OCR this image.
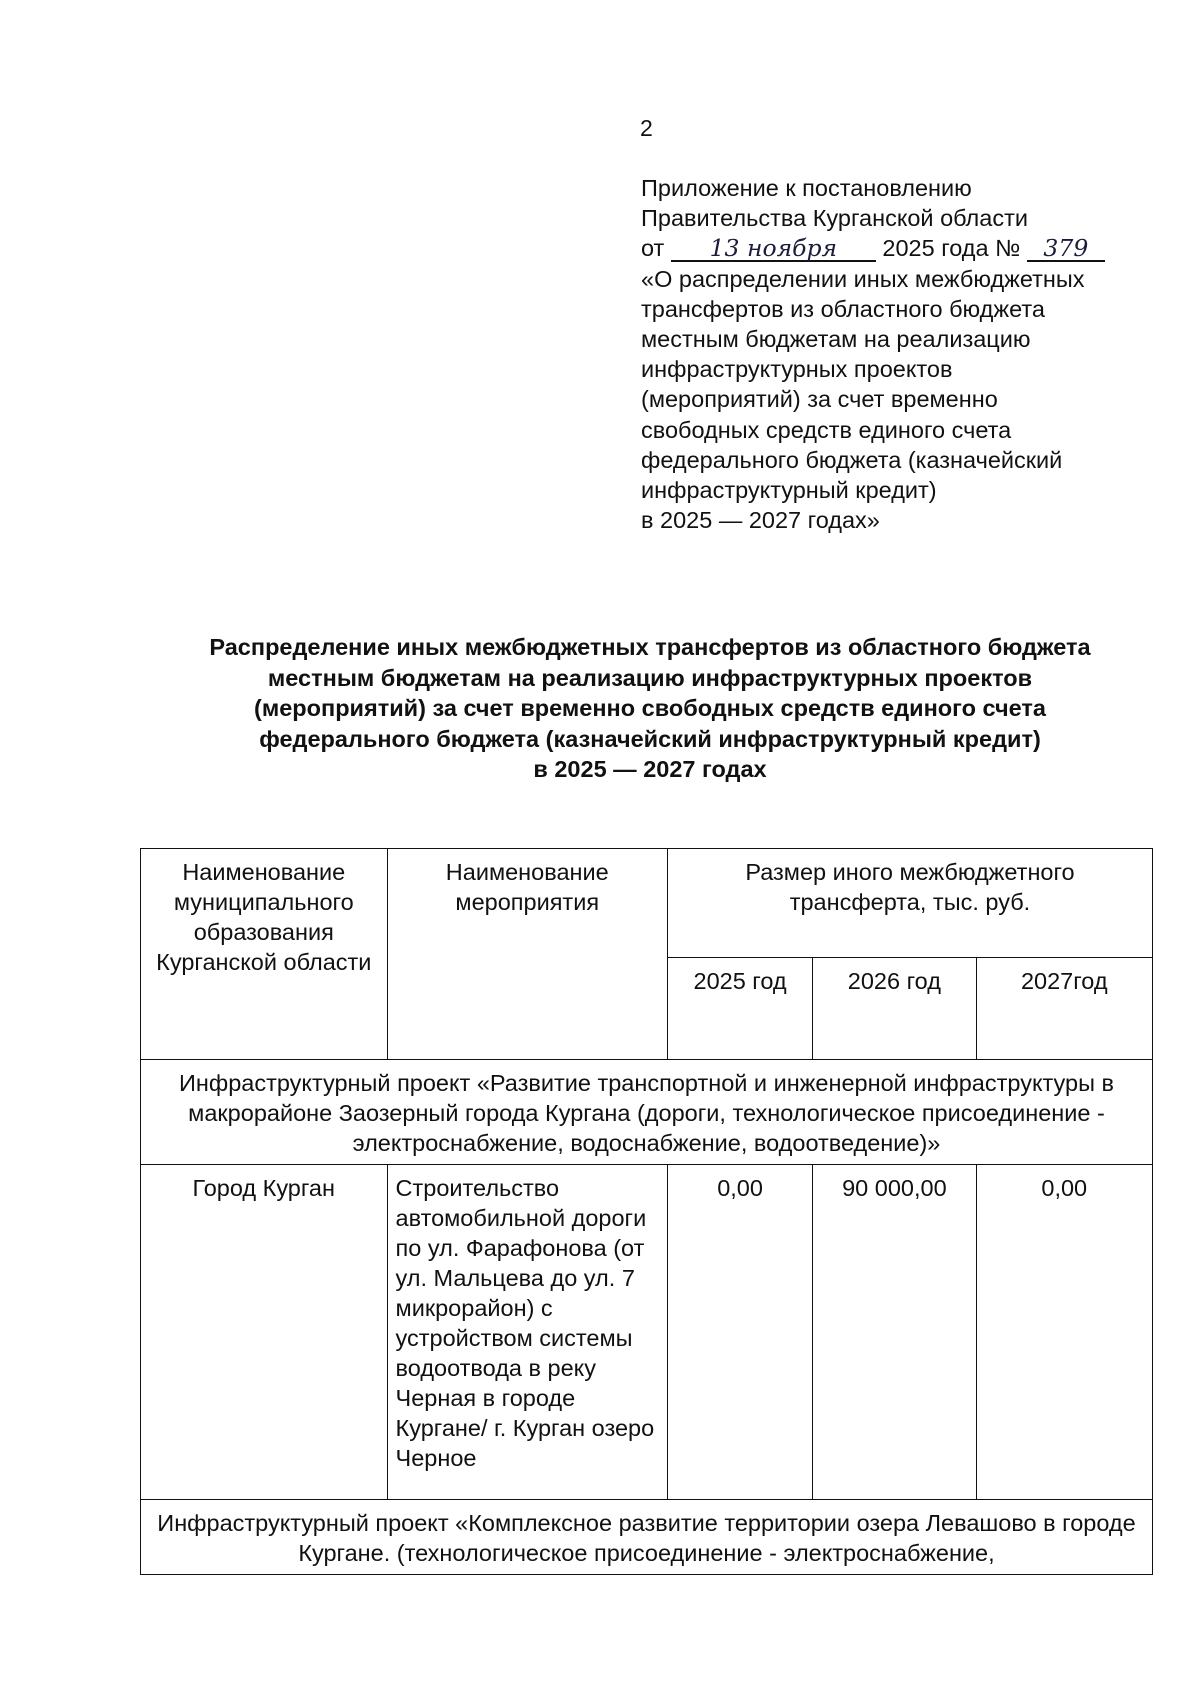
2
Приложение к постановлению
Правительства Курганской области
от 13 ноября 2025 года № 379
«О распределении иных межбюджетных
трансфертов из областного бюджета
местным бюджетам на реализацию
инфраструктурных проектов
(мероприятий) за счет временно
свободных средств единого счета
федерального бюджета (казначейский
инфраструктурный кредит)
в 2025 — 2027 годах»
Распределение иных межбюджетных трансфертов из областного бюджета
местным бюджетам на реализацию инфраструктурных проектов
(мероприятий) за счет временно свободных средств единого счета
федерального бюджета (казначейский инфраструктурный кредит)
в 2025 — 2027 годах
Наименование муниципального образования Курганской области	Наименование мероприятия	Размер иного межбюджетного трансферта, тыс. руб.		
		2025 год	2026 год	2027год
Инфраструктурный проект «Развитие транспортной и инженерной инфраструктуры в макрорайоне Заозерный города Кургана (дороги, технологическое присоединение - электроснабжение, водоснабжение, водоотведение)»				
Город Курган	Строительство автомобильной дороги по ул. Фарафонова (от ул. Мальцева до ул. 7 микрорайон) с устройством системы водоотвода в реку Черная в городе Кургане/ г. Курган озеро Черное	0,00	90 000,00	0,00
Инфраструктурный проект «Комплексное развитие территории озера Левашово в городе Кургане. (технологическое присоединение - электроснабжение,				
